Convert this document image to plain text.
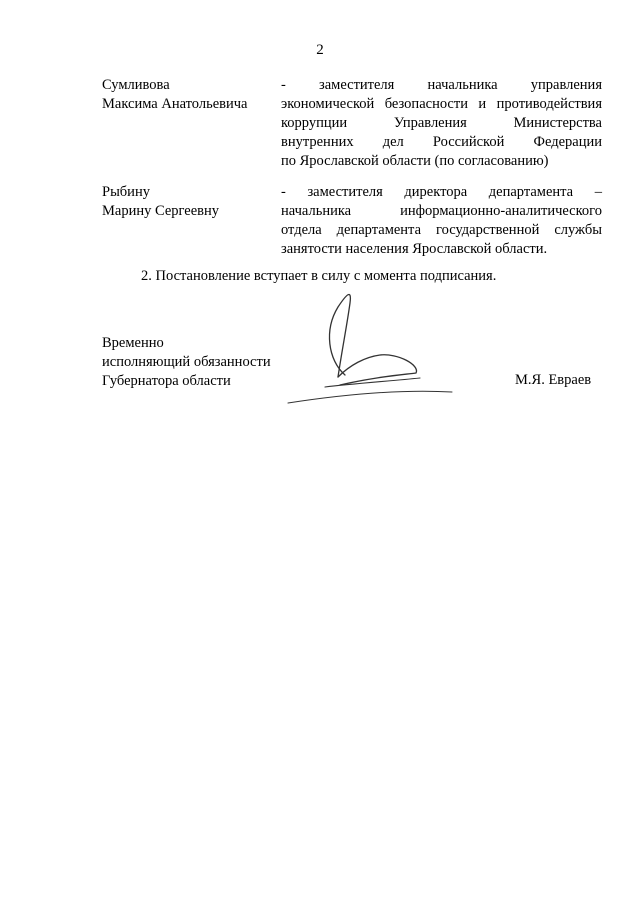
2
Сумливова
Максима Анатольевича
- заместителя начальника управления
экономической безопасности и противодействия
коррупции Управления Министерства
внутренних дел Российской Федерации
по Ярославской области (по согласованию)
Рыбину
Марину Сергеевну
- заместителя директора департамента –
начальника информационно-аналитического
отдела департамента государственной службы
занятости населения Ярославской области.
2. Постановление вступает в силу с момента подписания.
Временно
исполняющий обязанности
Губернатора области	М.Я. Евраев
